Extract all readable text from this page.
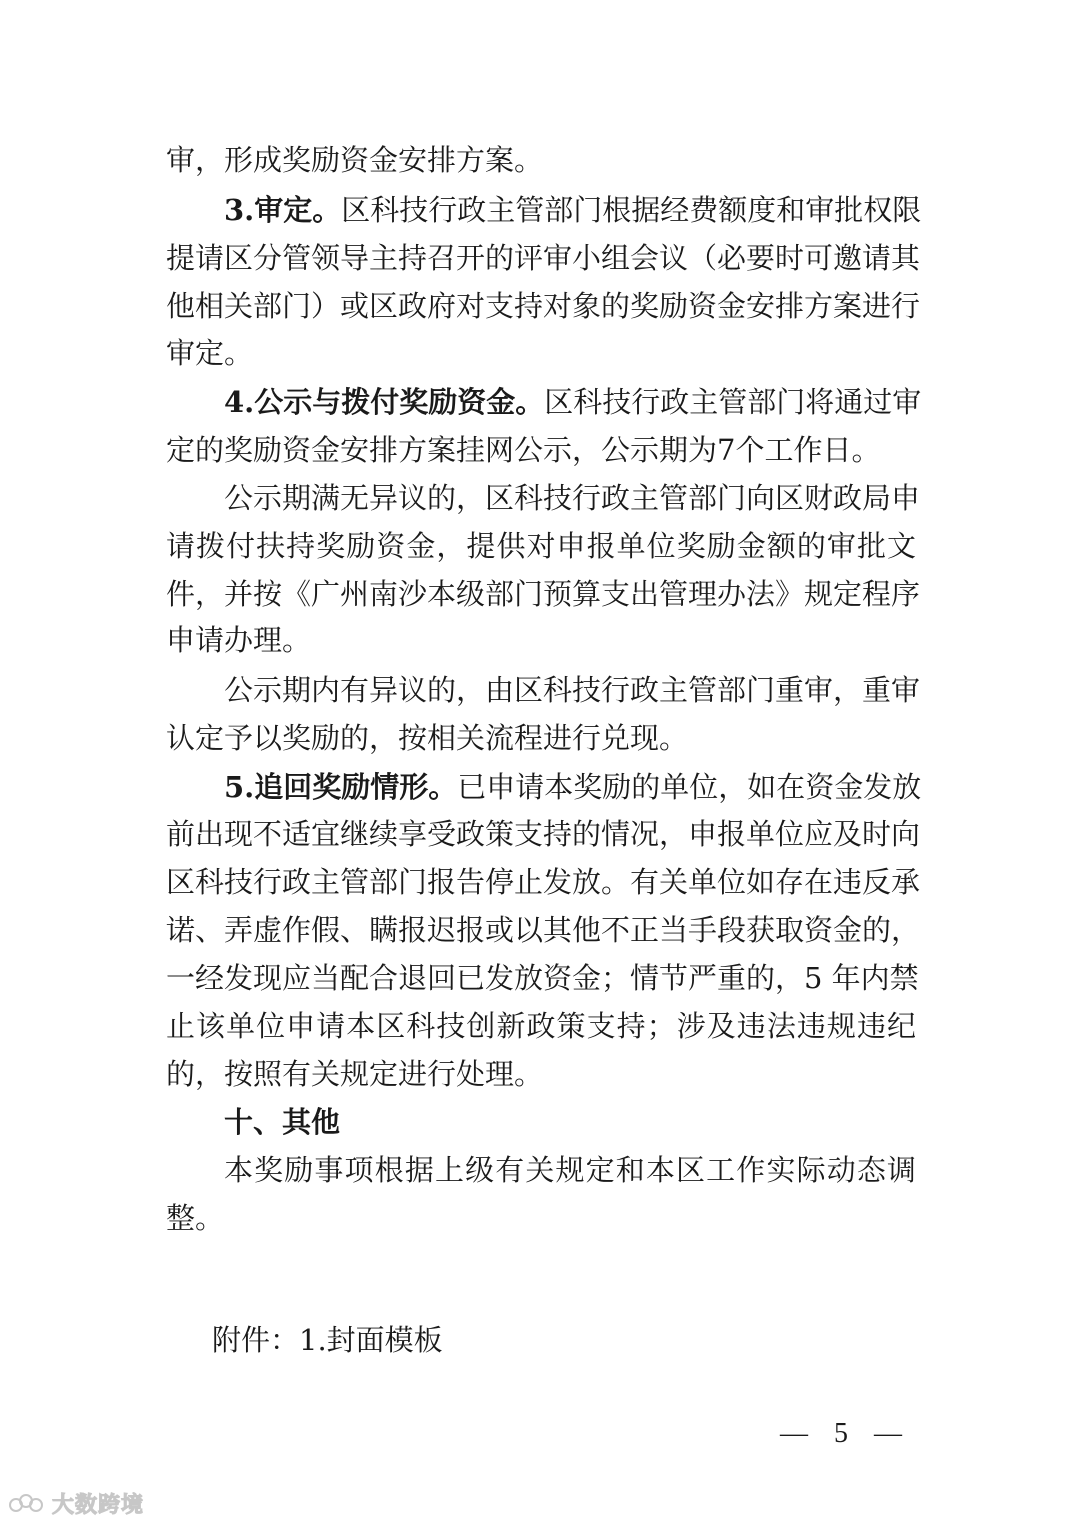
审，形成奖励资金安排方案。
3.审定。区科技行政主管部门根据经费额度和审批权限
提请区分管领导主持召开的评审小组会议（必要时可邀请其
他相关部门）或区政府对支持对象的奖励资金安排方案进行
审定。
4.公示与拨付奖励资金。区科技行政主管部门将通过审
定的奖励资金安排方案挂网公示，公示期为7个工作日。
公示期满无异议的，区科技行政主管部门向区财政局申
请拨付扶持奖励资金，提供对申报单位奖励金额的审批文
件，并按《广州南沙本级部门预算支出管理办法》规定程序
申请办理。
公示期内有异议的，由区科技行政主管部门重审，重审
认定予以奖励的，按相关流程进行兑现。
5.追回奖励情形。已申请本奖励的单位，如在资金发放
前出现不适宜继续享受政策支持的情况，申报单位应及时向
区科技行政主管部门报告停止发放。有关单位如存在违反承
诺、弄虚作假、瞒报迟报或以其他不正当手段获取资金的，
一经发现应当配合退回已发放资金；情节严重的，5 年内禁
止该单位申请本区科技创新政策支持；涉及违法违规违纪
的，按照有关规定进行处理。
十、其他
本奖励事项根据上级有关规定和本区工作实际动态调
整。
附件：1.封面模板
—  5  —
大数跨境
